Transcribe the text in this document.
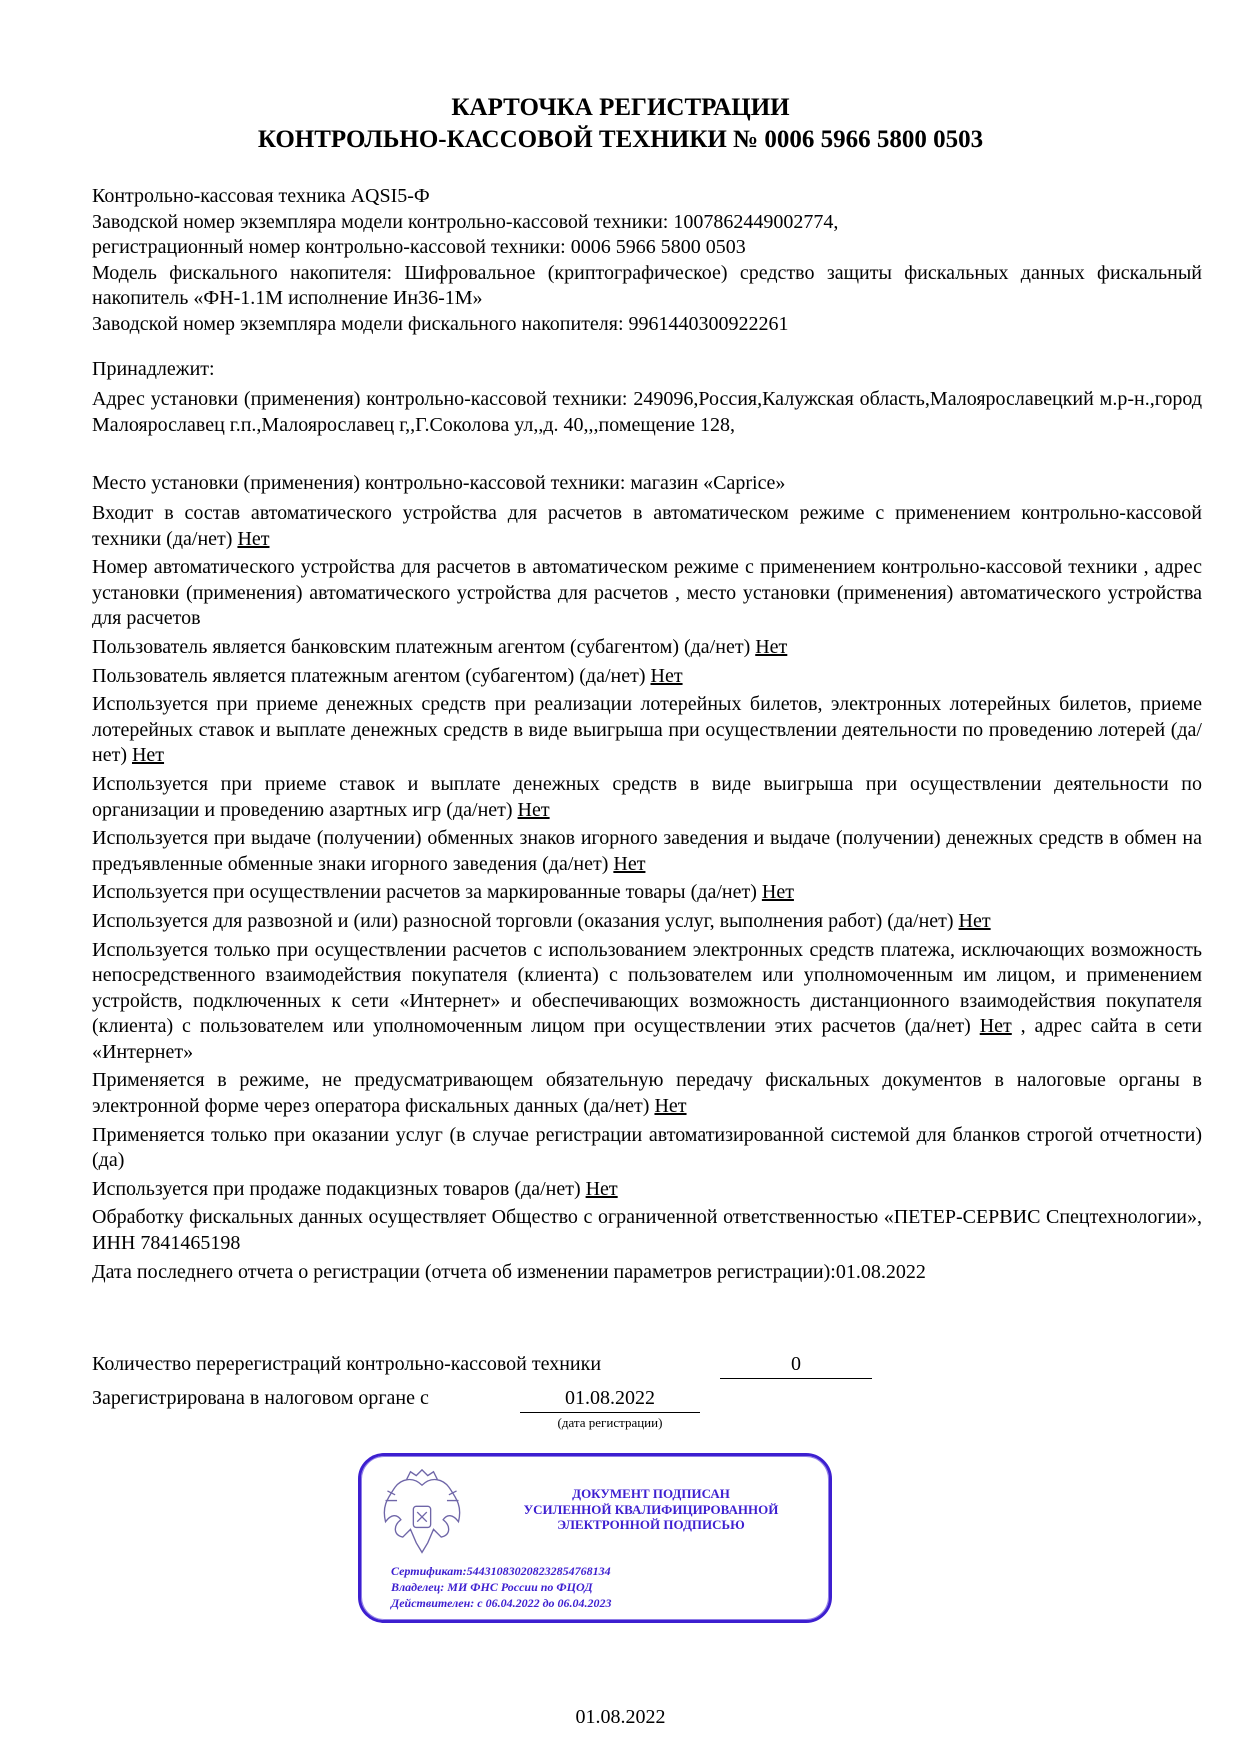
КАРТОЧКА РЕГИСТРАЦИИ
КОНТРОЛЬНО-КАССОВОЙ ТЕХНИКИ № 0006 5966 5800 0503
Контрольно-кассовая техника AQSI5-Ф
Заводской номер экземпляра модели контрольно-кассовой техники: 1007862449002774,
регистрационный номер контрольно-кассовой техники: 0006 5966 5800 0503
Модель фискального накопителя: Шифровальное (криптографическое) средство защиты фискальных данных фискальный накопитель «ФН-1.1М исполнение Ин36-1М»
Заводской номер экземпляра модели фискального накопителя: 9961440300922261
Принадлежит:
Адрес установки (применения) контрольно-кассовой техники: 249096,Россия,Калужская область,Малоярославецкий м.р-н.,город Малоярославец г.п.,Малоярославец г,,Г.Соколова ул,,д. 40,,,помещение 128,
Место установки (применения) контрольно-кассовой техники: магазин «Caprice»
Входит в состав автоматического устройства для расчетов в автоматическом режиме с применением контрольно-кассовой техники (да/нет) Нет
Номер автоматического устройства для расчетов в автоматическом режиме с применением контрольно-кассовой техники , адрес установки (применения) автоматического устройства для расчетов , место установки (применения) автоматического устройства для расчетов
Пользователь является банковским платежным агентом (субагентом) (да/нет) Нет
Пользователь является платежным агентом (субагентом) (да/нет) Нет
Используется при приеме денежных средств при реализации лотерейных билетов, электронных лотерейных билетов, приеме лотерейных ставок и выплате денежных средств в виде выигрыша при осуществлении деятельности по проведению лотерей (да/нет) Нет
Используется при приеме ставок и выплате денежных средств в виде выигрыша при осуществлении деятельности по организации и проведению азартных игр (да/нет) Нет
Используется при выдаче (получении) обменных знаков игорного заведения и выдаче (получении) денежных средств в обмен на предъявленные обменные знаки игорного заведения (да/нет) Нет
Используется при осуществлении расчетов за маркированные товары (да/нет) Нет
Используется для развозной и (или) разносной торговли (оказания услуг, выполнения работ) (да/нет) Нет
Используется только при осуществлении расчетов с использованием электронных средств платежа, исключающих возможность непосредственного взаимодействия покупателя (клиента) с пользователем или уполномоченным им лицом, и применением устройств, подключенных к сети «Интернет» и обеспечивающих возможность дистанционного взаимодействия покупателя (клиента) с пользователем или уполномоченным лицом при осуществлении этих расчетов (да/нет) Нет , адрес сайта в сети «Интернет»
Применяется в режиме, не предусматривающем обязательную передачу фискальных документов в налоговые органы в электронной форме через оператора фискальных данных (да/нет) Нет
Применяется только при оказании услуг (в случае регистрации автоматизированной системой для бланков строгой отчетности) (да)
Используется при продаже подакцизных товаров (да/нет) Нет
Обработку фискальных данных осуществляет Общество с ограниченной ответственностью «ПЕТЕР-СЕРВИС Спецтехнологии», ИНН 7841465198
Дата последнего отчета о регистрации (отчета об изменении параметров регистрации):01.08.2022
Количество перерегистраций контрольно-кассовой техники	0
Зарегистрирована в налоговом органе с	01.08.2022
(дата регистрации)
ДОКУМЕНТ ПОДПИСАН
УСИЛЕННОЙ КВАЛИФИЦИРОВАННОЙ
ЭЛЕКТРОННОЙ ПОДПИСЬЮ
Сертификат:54431083020823285476813​4
Владелец: МИ ФНС России по ФЦОД
Действителен: с 06.04.2022 до 06.04.2023
01.08.2022
